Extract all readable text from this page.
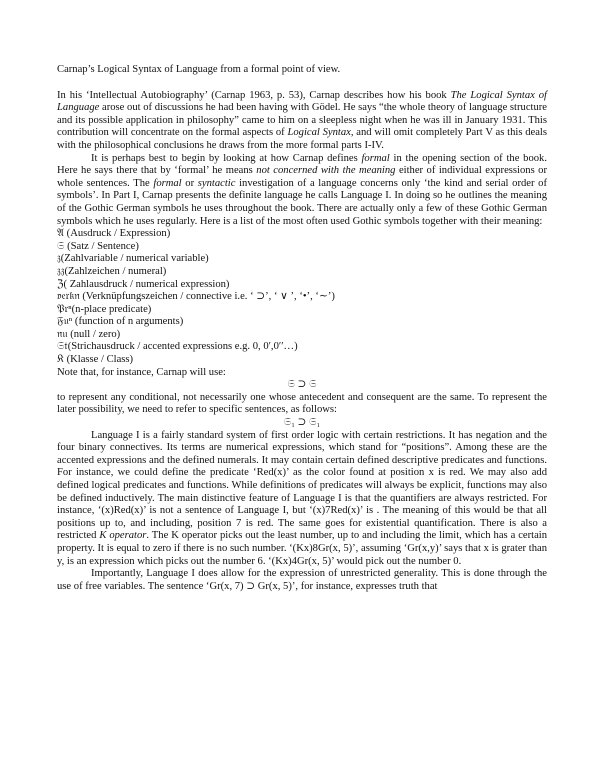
Carnap’s Logical Syntax of Language from a formal point of view.

In his ‘Intellectual Autobiography’ (Carnap 1963, p. 53), Carnap describes how his book The Logical Syntax of Language arose out of discussions he had been having with Gödel. He says “the whole theory of language structure and its possible application in philosophy” came to him on a sleepless night when he was ill in January 1931. This contribution will concentrate on the formal aspects of Logical Syntax, and will omit completely Part V as this deals with the philosophical conclusions he draws from the more formal parts I-IV.

It is perhaps best to begin by looking at how Carnap defines formal in the opening section of the book. Here he says there that by ‘formal’ he means not concerned with the meaning either of individual expressions or whole sentences. The formal or syntactic investigation of a language concerns only ‘the kind and serial order of symbols’. In Part I, Carnap presents the definite language he calls Language I. In doing so he outlines the meaning of the Gothic German symbols he uses throughout the book. There are actually only a few of these Gothic German symbols which he uses regularly. Here is a list of the most often used Gothic symbols together with their meaning:

𝔄 (Ausdruck / Expression)
𝔖 (Satz / Sentence)
𝔷(Zahlvariable / numerical variable)
𝔷𝔷(Zahlzeichen / numeral)
ℨ( Zahlausdruck / numerical expression)
𝔳𝔢𝔯𝔨𝔫 (Verknüpfungszeichen / connective i.e. ‘ ⊃’, ‘ ∨ ’, ‘•’, ‘∼’)
𝔓𝔯ⁿ(n-place predicate)
𝔉𝔲ⁿ (function of n arguments)
𝔫𝔲 (null / zero)
𝔖𝔱(Strichausdruck / accented expressions e.g. 0, 0′,0′′…)
𝔎 (Klasse / Class)

Note that, for instance, Carnap will use:

𝔖 ⊃ 𝔖

to represent any conditional, not necessarily one whose antecedent and consequent are the same. To represent the later possibility, we need to refer to specific sentences, as follows:

𝔖₁ ⊃ 𝔖₁

Language I is a fairly standard system of first order logic with certain restrictions. It has negation and the four binary connectives. Its terms are numerical expressions, which stand for “positions”. Among these are the accented expressions and the defined numerals. It may contain certain defined descriptive predicates and functions. For instance, we could define the predicate ‘Red(x)’ as the color found at position x is red. We may also add defined logical predicates and functions. While definitions of predicates will always be explicit, functions may also be defined inductively. The main distinctive feature of Language I is that the quantifiers are always restricted. For instance, ‘(x)Red(x)’ is not a sentence of Language I, but ‘(x)7Red(x)’ is . The meaning of this would be that all positions up to, and including, position 7 is red. The same goes for existential quantification. There is also a restricted K operator. The K operator picks out the least number, up to and including the limit, which has a certain property. It is equal to zero if there is no such number. ‘(Kx)8Gr(x, 5)’, assuming ‘Gr(x,y)’ says that x is grater than y, is an expression which picks out the number 6. ‘(Kx)4Gr(x, 5)’ would pick out the number 0.

Importantly, Language I does allow for the expression of unrestricted generality. This is done through the use of free variables. The sentence ‘Gr(x, 7) ⊃ Gr(x, 5)’, for instance, expresses truth that
